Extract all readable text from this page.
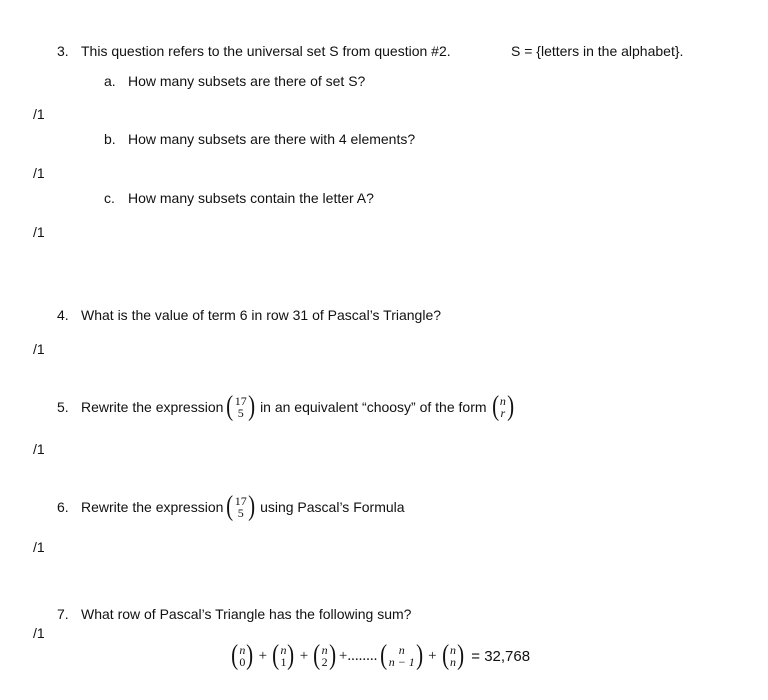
3. This question refers to the universal set S from question #2.	S = {letters in the alphabet}.
a. How many subsets are there of set S?
/1
b. How many subsets are there with 4 elements?
/1
c. How many subsets contain the letter A?
/1
4. What is the value of term 6 in row 31 of Pascal’s Triangle?
/1
5. Rewrite the expression ( 17
5 ) in an equivalent “choosy” of the form ( n
r )
/1
6. Rewrite the expression ( 17
5 ) using Pascal’s Formula
/1
7. What row of Pascal’s Triangle has the following sum?
/1
( n
0 ) + ( n
1 ) + ( n
2 ) +........ ( n
n − 1 ) + ( n
n ) = 32,768
